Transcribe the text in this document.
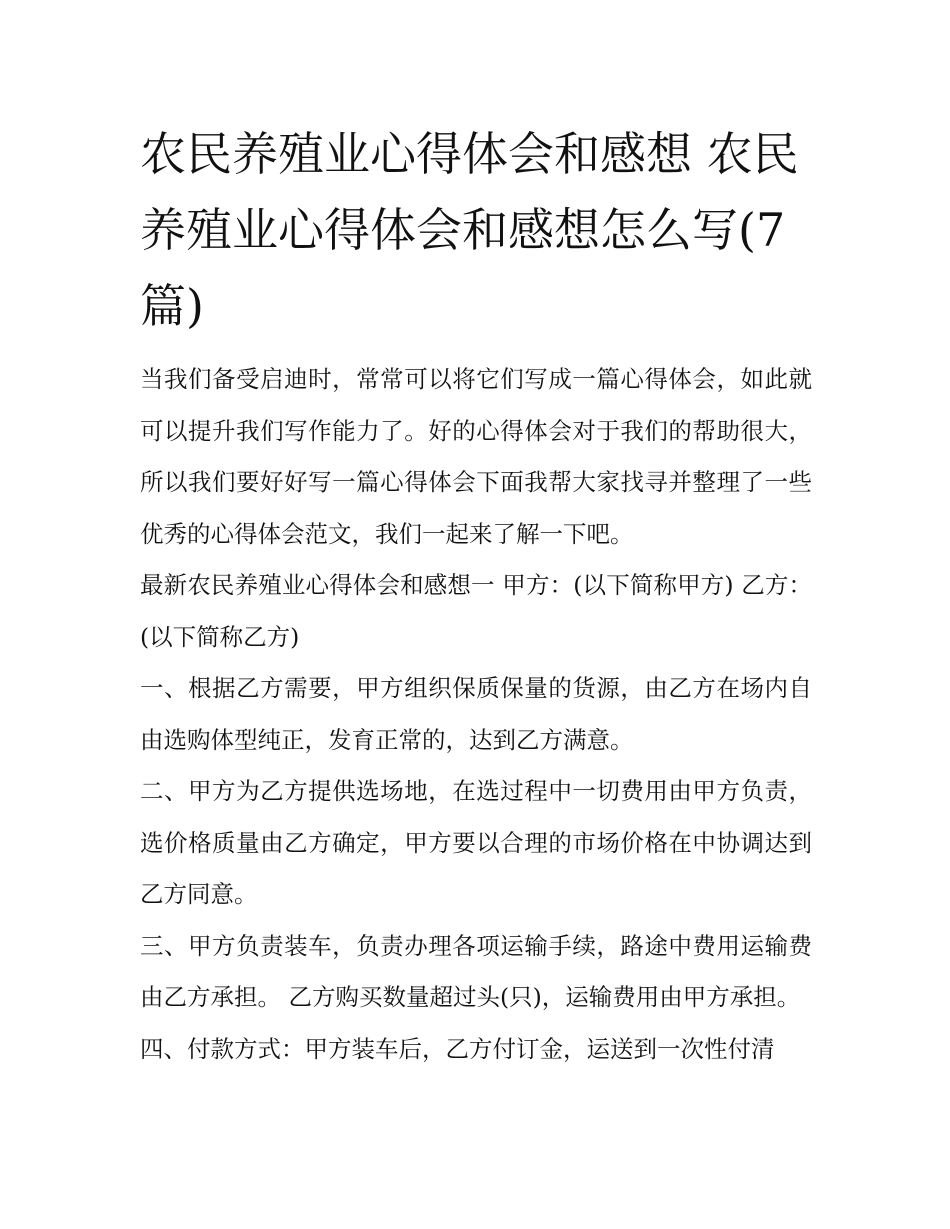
农民养殖业心得体会和感想 农民养殖业心得体会和感想怎么写(7篇)

当我们备受启迪时，常常可以将它们写成一篇心得体会，如此就可以提升我们写作能力了。好的心得体会对于我们的帮助很大，所以我们要好好写一篇心得体会下面我帮大家找寻并整理了一些优秀的心得体会范文，我们一起来了解一下吧。

最新农民养殖业心得体会和感想一 甲方：(以下简称甲方) 乙方：(以下简称乙方)

一、根据乙方需要，甲方组织保质保量的货源，由乙方在场内自由选购体型纯正，发育正常的，达到乙方满意。

二、甲方为乙方提供选场地，在选过程中一切费用由甲方负责，选价格质量由乙方确定，甲方要以合理的市场价格在中协调达到乙方同意。

三、甲方负责装车，负责办理各项运输手续，路途中费用运输费由乙方承担。 乙方购买数量超过头(只)，运输费用由甲方承担。

四、付款方式：甲方装车后，乙方付订金，运送到一次性付清
